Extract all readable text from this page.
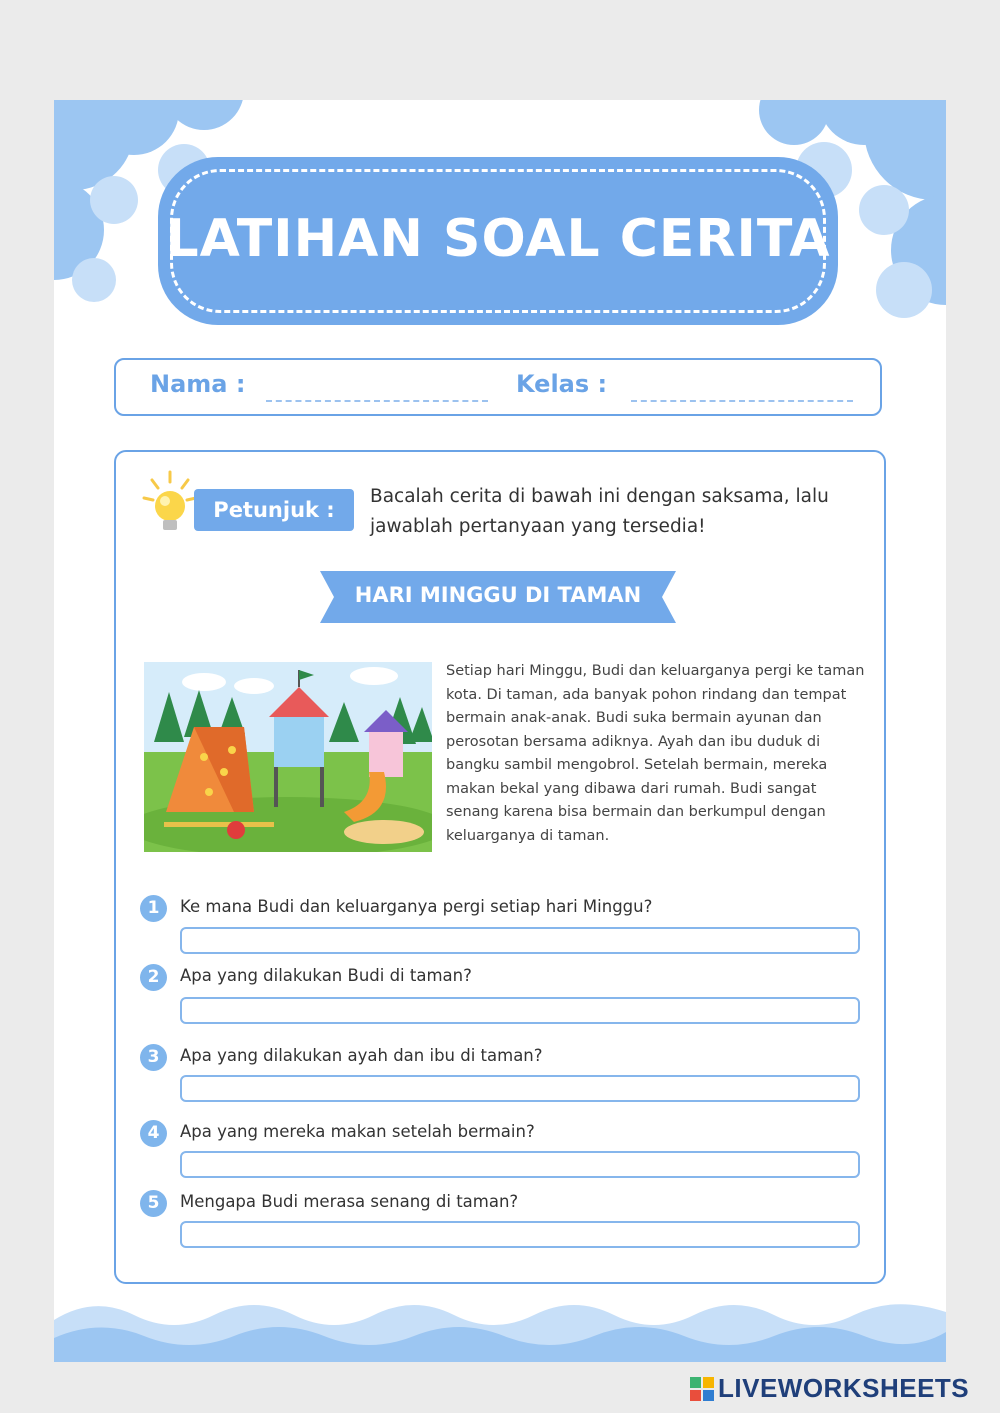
LATIHAN SOAL CERITA
Nama :	Kelas :
Petunjuk :
Bacalah cerita di bawah ini dengan saksama, lalu jawablah pertanyaan yang tersedia!
HARI MINGGU DI TAMAN
Setiap hari Minggu, Budi dan keluarganya pergi ke taman kota. Di taman, ada banyak pohon rindang dan tempat bermain anak-anak. Budi suka bermain ayunan dan perosotan bersama adiknya. Ayah dan ibu duduk di bangku sambil mengobrol. Setelah bermain, mereka makan bekal yang dibawa dari rumah. Budi sangat senang karena bisa bermain dan berkumpul dengan keluarganya di taman.
1	Ke mana Budi dan keluarganya pergi setiap hari Minggu?
2	Apa yang dilakukan Budi di taman?
3	Apa yang dilakukan ayah dan ibu di taman?
4	Apa yang mereka makan setelah bermain?
5	Mengapa Budi merasa senang di taman?
LIVEWORKSHEETS
